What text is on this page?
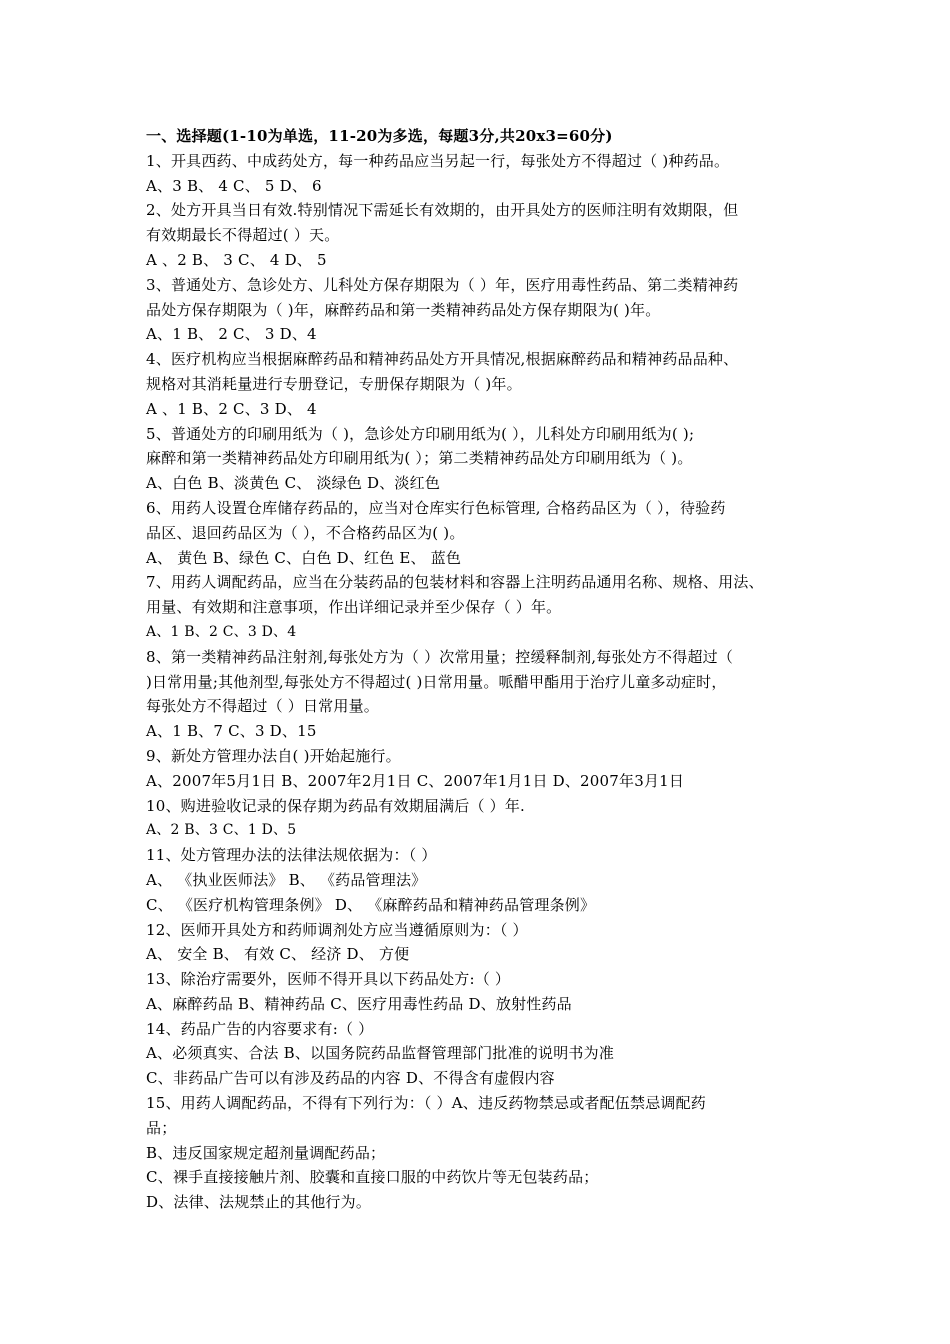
一、选择题(1-10为单选，11-20为多选，每题3分,共20x3=60分)
1、开具西药、中成药处方，每一种药品应当另起一行，每张处方不得超过（ )种药品。
A、3 B、 4 C、 5 D、 6
2、处方开具当日有效.特别情况下需延长有效期的，由开具处方的医师注明有效期限，但
有效期最长不得超过( ）天。
A 、2 B、 3 C、 4 D、 5
3、普通处方、急诊处方、儿科处方保存期限为（ ）年，医疗用毒性药品、第二类精神药
品处方保存期限为（ )年，麻醉药品和第一类精神药品处方保存期限为( )年。
A、1 B、 2 C、 3 D、4
4、医疗机构应当根据麻醉药品和精神药品处方开具情况,根据麻醉药品和精神药品品种、
规格对其消耗量进行专册登记，专册保存期限为（ )年。
A 、1 B、2 C、3 D、 4
5、普通处方的印刷用纸为（ )，急诊处方印刷用纸为( ），儿科处方印刷用纸为( );
麻醉和第一类精神药品处方印刷用纸为( ）；第二类精神药品处方印刷用纸为（ )。
A、白色 B、淡黄色 C、 淡绿色 D、淡红色
6、用药人设置仓库储存药品的，应当对仓库实行色标管理, 合格药品区为（ ），待验药
品区、退回药品区为（ ），不合格药品区为( )。
A、 黄色 B、绿色 C、白色 D、红色 E、 蓝色
7、用药人调配药品，应当在分装药品的包装材料和容器上注明药品通用名称、规格、用法、
用量、有效期和注意事项，作出详细记录并至少保存（ ）年。
A、1 B、2 C、3 D、4
8、第一类精神药品注射剂,每张处方为（ ）次常用量；控缓释制剂,每张处方不得超过（
)日常用量;其他剂型,每张处方不得超过( )日常用量。哌醋甲酯用于治疗儿童多动症时，
每张处方不得超过（ ）日常用量。
A、1 B、7 C、3 D、15
9、新处方管理办法自( )开始起施行。
A、2007年5月1日 B、2007年2月1日 C、2007年1月1日 D、2007年3月1日
10、购进验收记录的保存期为药品有效期届满后（ ）年.
A、2 B、3 C、1 D、5
11、处方管理办法的法律法规依据为：（ ）
A、 《执业医师法》 B、 《药品管理法》
C、 《医疗机构管理条例》 D、 《麻醉药品和精神药品管理条例》
12、医师开具处方和药师调剂处方应当遵循原则为：（ ）
A、 安全 B、 有效 C、 经济 D、 方便
13、除治疗需要外，医师不得开具以下药品处方:（ ）
A、麻醉药品 B、精神药品 C、医疗用毒性药品 D、放射性药品
14、药品广告的内容要求有:（ ）
A、必须真实、合法 B、以国务院药品监督管理部门批准的说明书为准
C、非药品广告可以有涉及药品的内容 D、不得含有虚假内容
15、用药人调配药品，不得有下列行为：（ ）A、违反药物禁忌或者配伍禁忌调配药
品；
B、违反国家规定超剂量调配药品；
C、裸手直接接触片剂、胶囊和直接口服的中药饮片等无包装药品；
D、法律、法规禁止的其他行为。
